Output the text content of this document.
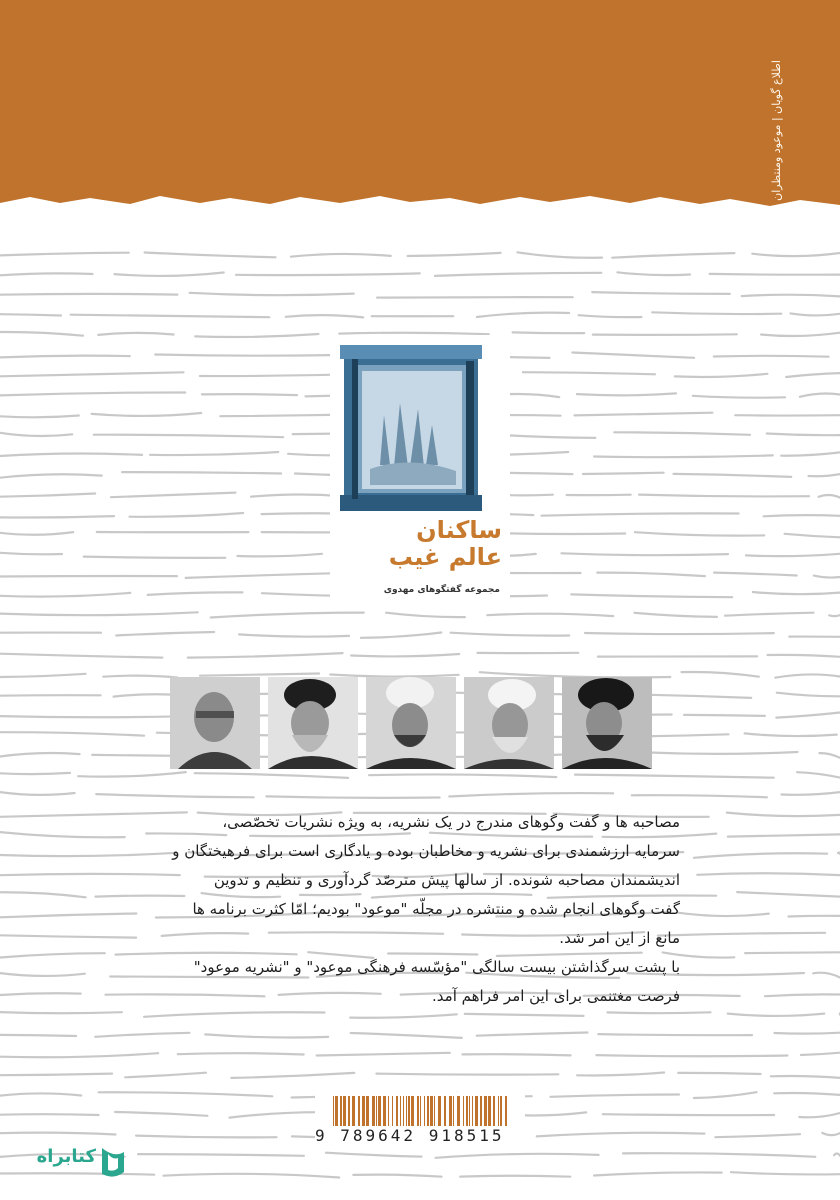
اطلاع گویان | موعود ومنتظران
ساکنان
عالم غیب
مجموعه گفتگوهای مهدوی

مصاحبه ها و گفت وگوهای مندرج در یک نشریه، به ویژه نشریات تخصّصی،

سرمایه ارزشمندی برای نشریه و مخاطبان بوده و یادگاری است برای فرهیختگان و

اندیشمندان مصاحبه شونده. از سالها پیش مترصّد گردآوری و تنظیم و تدوین

گفت وگوهای انجام شده و منتشره در مجلّه "موعود" بودیم؛ امّا کثرت برنامه ها

مانع از این امر شد.

با پشت سرگذاشتن بیست سالگی "مؤسّسه فرهنگی موعود" و "نشریه موعود"

فرصت مغتنمی برای این امر فراهم آمد.

9 789642 918515
کتابراه
